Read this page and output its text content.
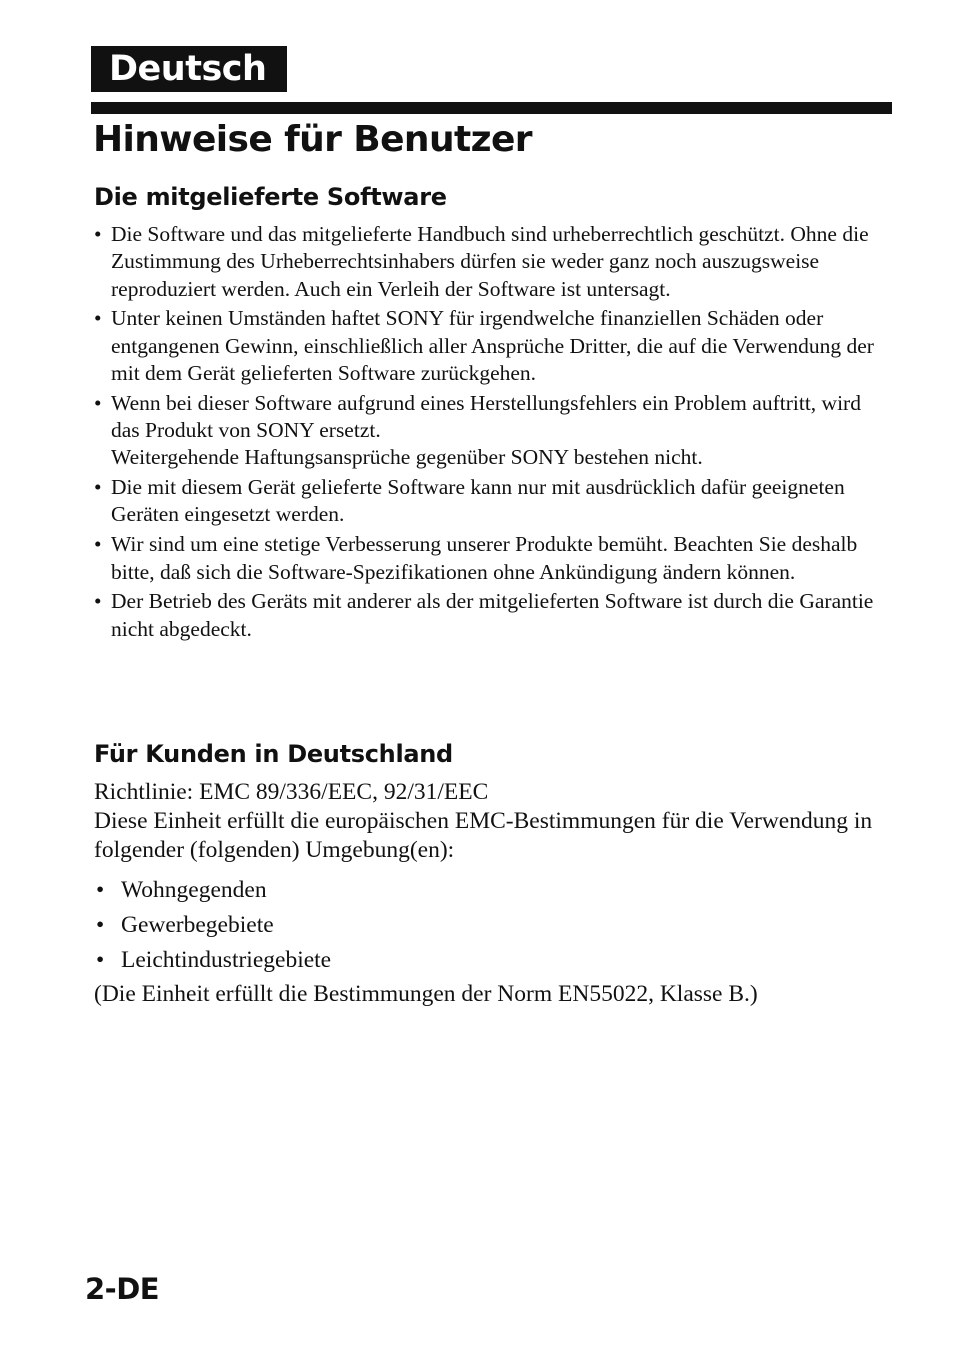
Deutsch
Hinweise für Benutzer
Die mitgelieferte Software
• Die Software und das mitgelieferte Handbuch sind urheberrechtlich geschützt. Ohne die Zustimmung des Urheberrechtsinhabers dürfen sie weder ganz noch auszugsweise reproduziert werden. Auch ein Verleih der Software ist untersagt.
• Unter keinen Umständen haftet SONY für irgendwelche finanziellen Schäden oder entgangenen Gewinn, einschließlich aller Ansprüche Dritter, die auf die Verwendung der mit dem Gerät gelieferten Software zurückgehen.
• Wenn bei dieser Software aufgrund eines Herstellungsfehlers ein Problem auftritt, wird das Produkt von SONY ersetzt.
Weitergehende Haftungsansprüche gegenüber SONY bestehen nicht.
• Die mit diesem Gerät gelieferte Software kann nur mit ausdrücklich dafür geeigneten Geräten eingesetzt werden.
• Wir sind um eine stetige Verbesserung unserer Produkte bemüht. Beachten Sie deshalb bitte, daß sich die Software-Spezifikationen ohne Ankündigung ändern können.
• Der Betrieb des Geräts mit anderer als der mitgelieferten Software ist durch die Garantie nicht abgedeckt.
Für Kunden in Deutschland
Richtlinie: EMC 89/336/EEC, 92/31/EEC
Diese Einheit erfüllt die europäischen EMC-Bestimmungen für die Verwendung in folgender (folgenden) Umgebung(en):
• Wohngegenden
• Gewerbegebiete
• Leichtindustriegebiete
(Die Einheit erfüllt die Bestimmungen der Norm EN55022, Klasse B.)
2-DE
